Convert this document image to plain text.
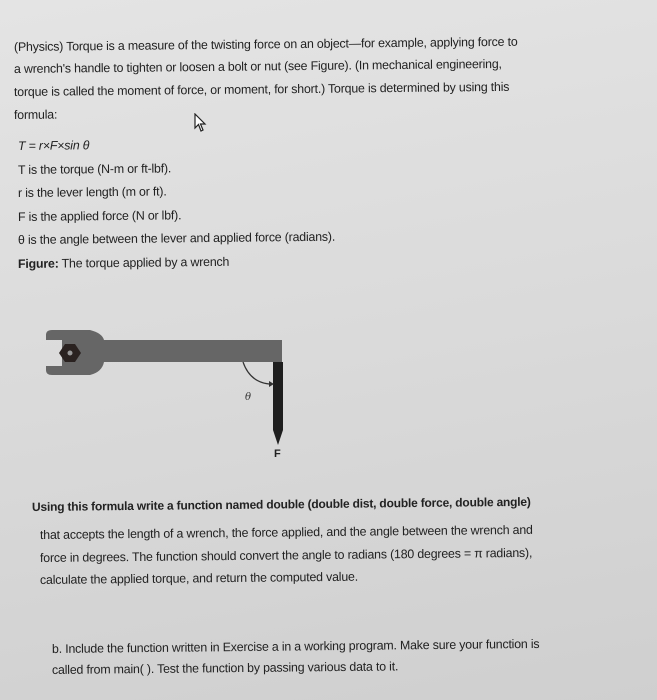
(Physics) Torque is a measure of the twisting force on an object—for example, applying force to
a wrench's handle to tighten or loosen a bolt or nut (see Figure). (In mechanical engineering,
torque is called the moment of force, or moment, for short.) Torque is determined by using this
formula:
T = r×F×sin θ
T is the torque (N-m or ft-lbf).
r is the lever length (m or ft).
F is the applied force (N or lbf).
θ is the angle between the lever and applied force (radians).
Figure: The torque applied by a wrench
θ
F
Using this formula write a function named double (double dist, double force, double angle)
that accepts the length of a wrench, the force applied, and the angle between the wrench and
force in degrees. The function should convert the angle to radians (180 degrees = π radians),
calculate the applied torque, and return the computed value.
b. Include the function written in Exercise a in a working program. Make sure your function is
called from main( ). Test the function by passing various data to it.
